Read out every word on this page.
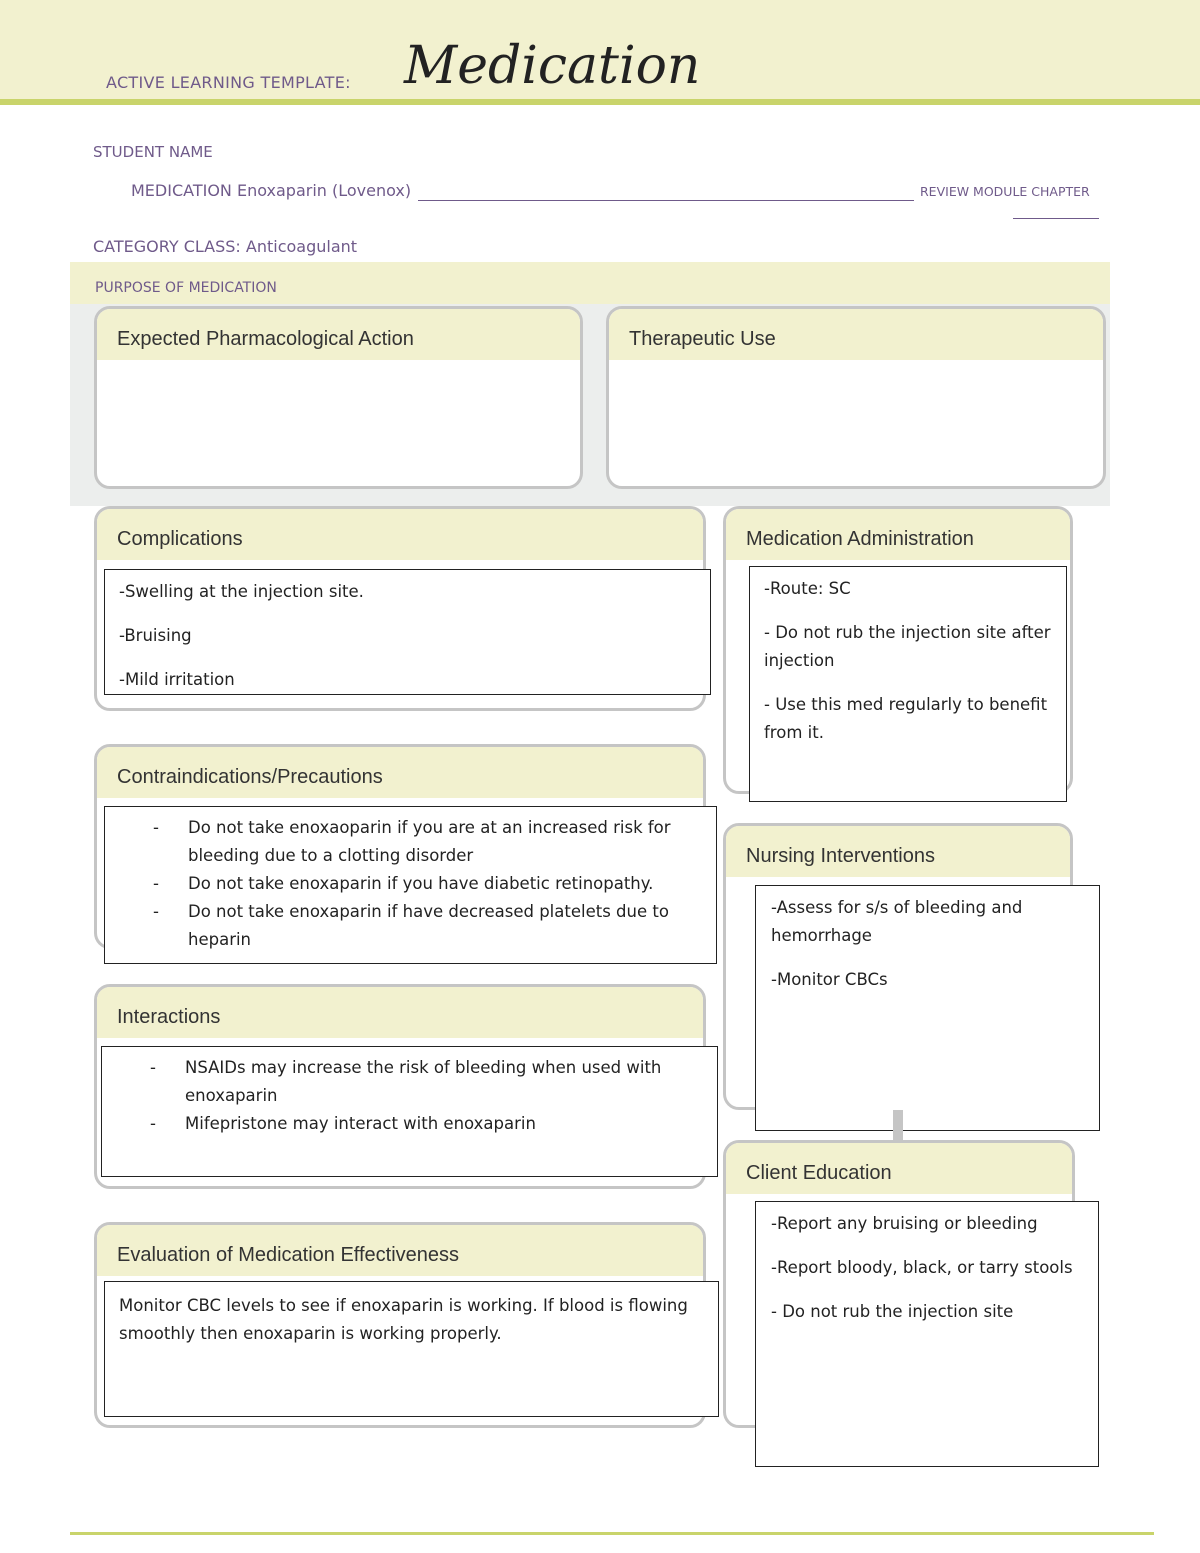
ACTIVE LEARNING TEMPLATE: Medication
STUDENT NAME
MEDICATION Enoxaparin (Lovenox)	REVIEW MODULE CHAPTER
CATEGORY CLASS: Anticoagulant
PURPOSE OF MEDICATION
Expected Pharmacological Action	Therapeutic Use
Complications

-Swelling at the injection site.

-Bruising

-Mild irritation

Contraindications/Precautions
- Do not take enoxaoparin if you are at an increased risk for bleeding due to a clotting disorder
- Do not take enoxaparin if you have diabetic retinopathy.
- Do not take enoxaparin if have decreased platelets due to heparin
Interactions
- NSAIDs may increase the risk of bleeding when used with enoxaparin
- Mifepristone may interact with enoxaparin
Evaluation of Medication Effectiveness

Monitor CBC levels to see if enoxaparin is working. If blood is flowing smoothly then enoxaparin is working properly.

Medication Administration

-Route: SC

- Do not rub the injection site after injection

- Use this med regularly to benefit from it.

Nursing Interventions

-Assess for s/s of bleeding and hemorrhage

-Monitor CBCs

Client Education

-Report any bruising or bleeding

-Report bloody, black, or tarry stools

- Do not rub the injection site
